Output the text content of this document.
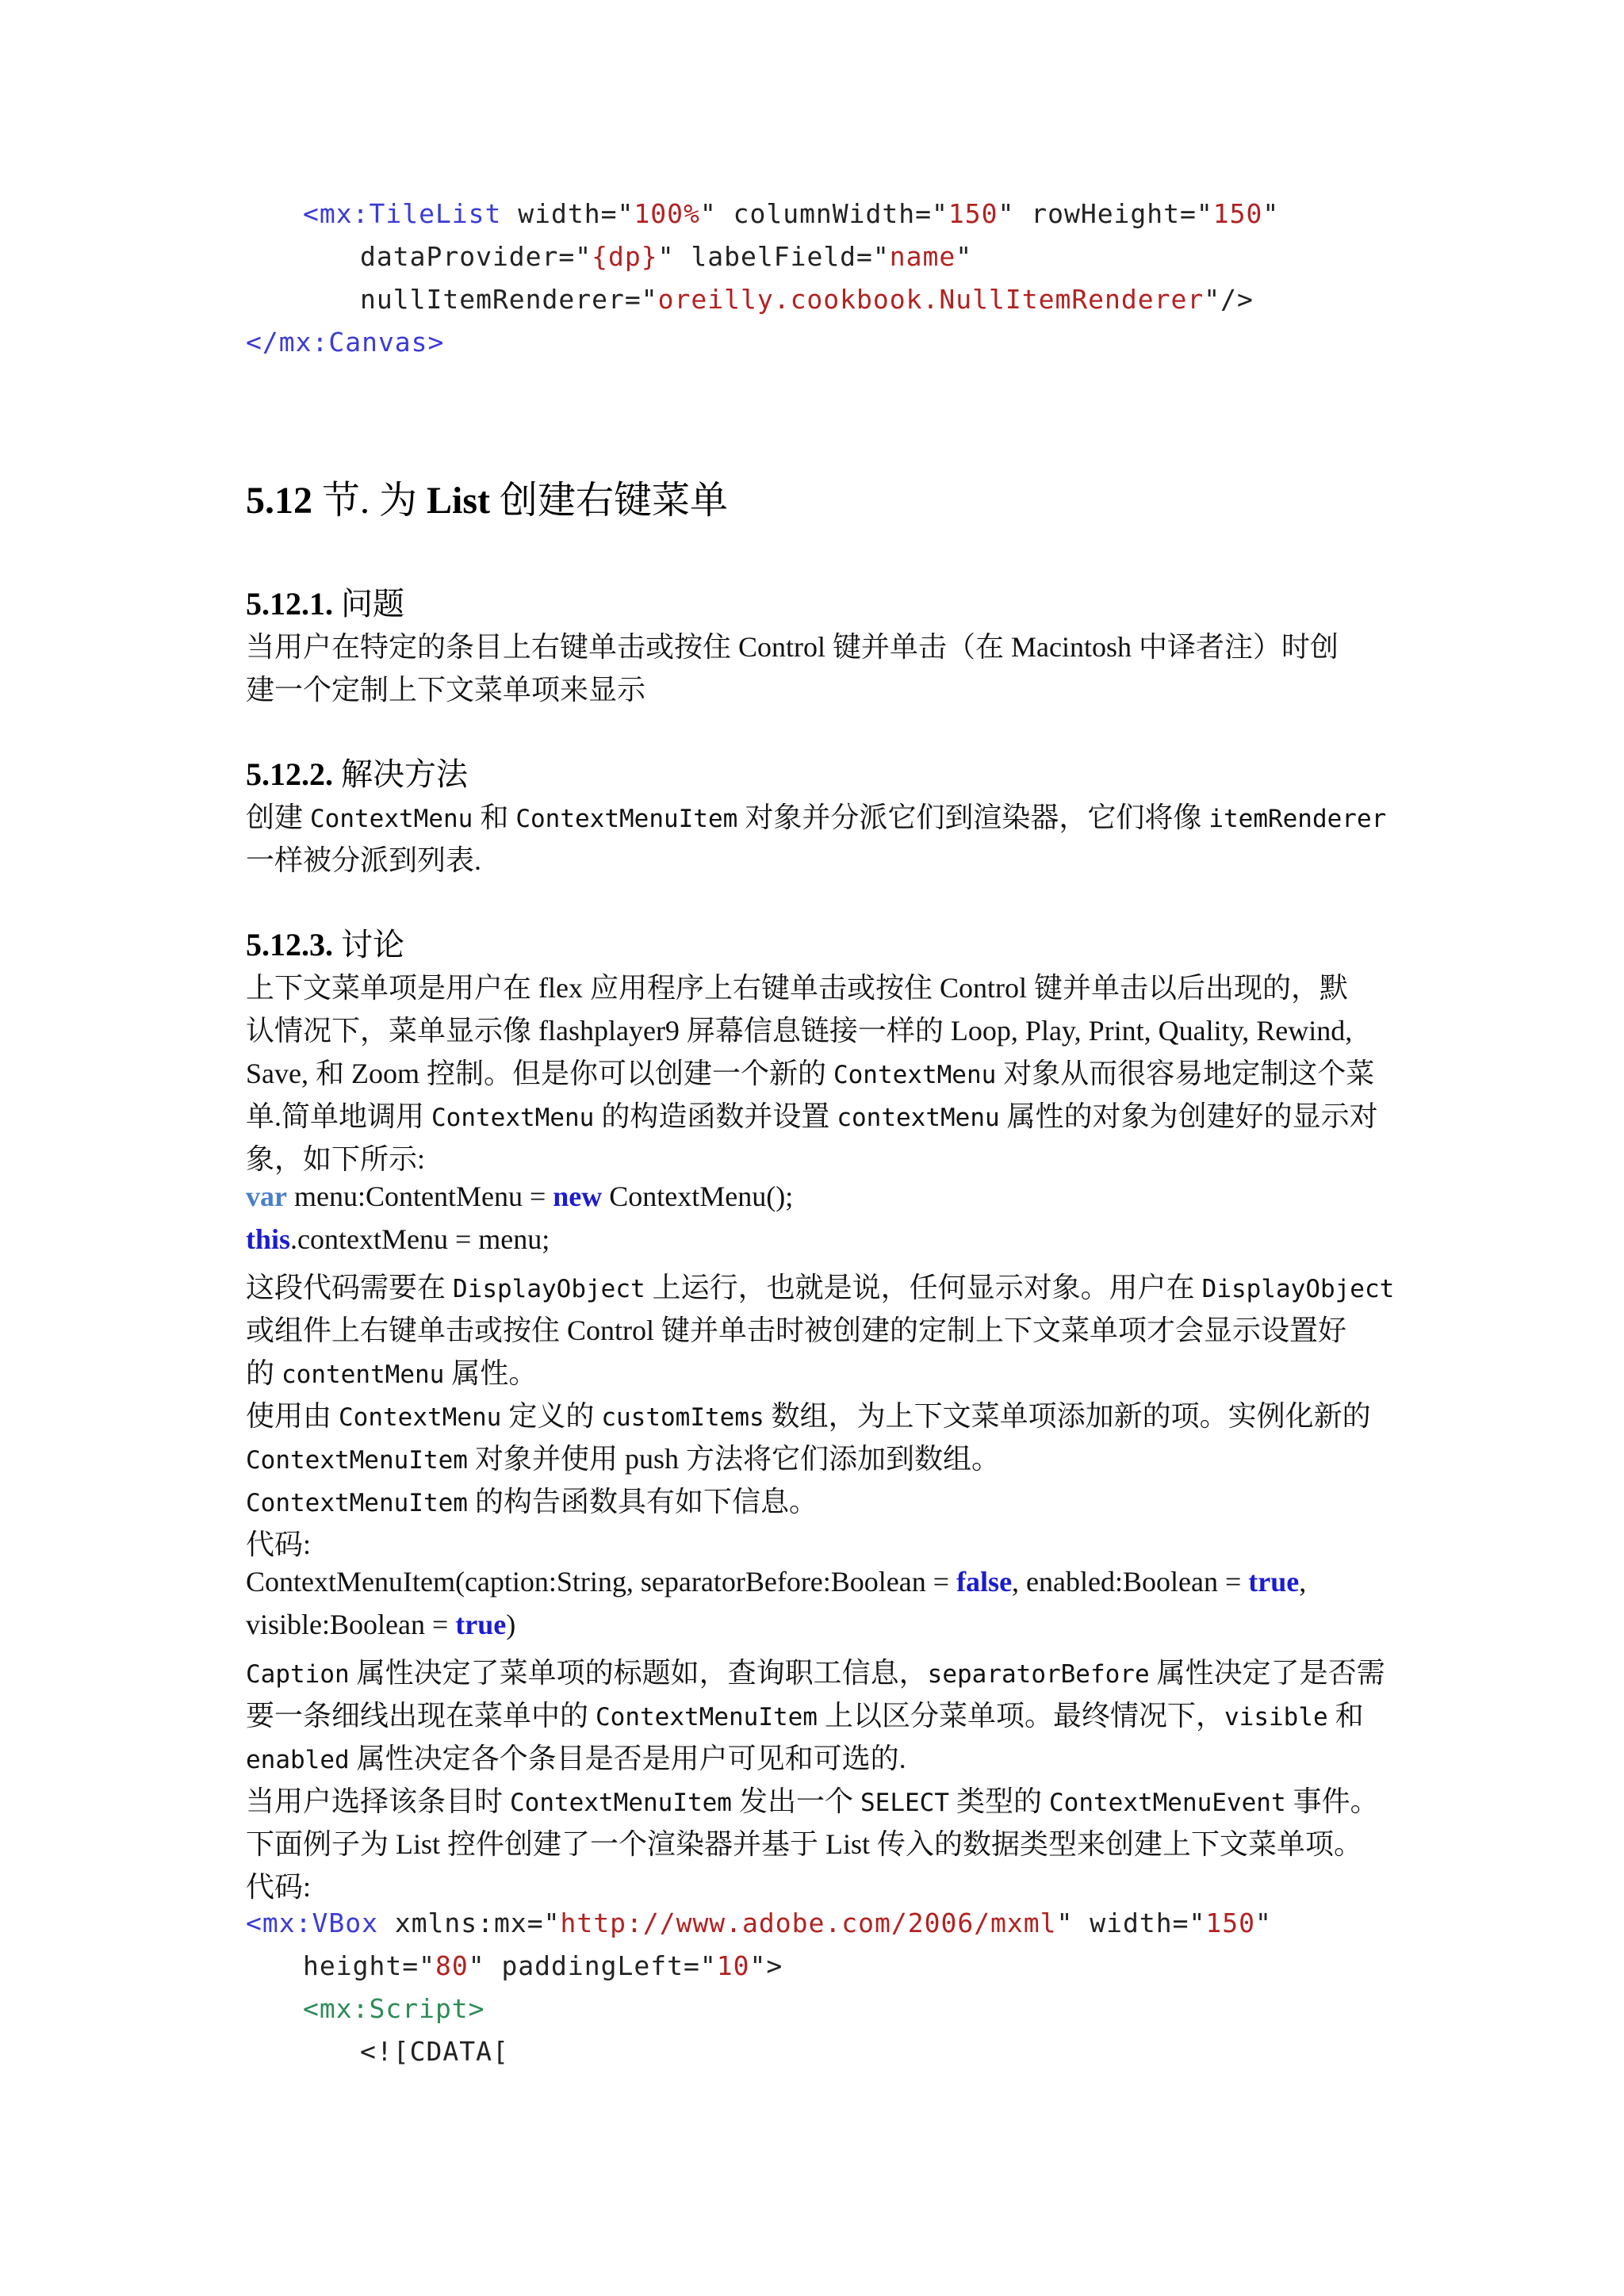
<mx:TileList width="100%" columnWidth="150" rowHeight="150"
dataProvider="{dp}" labelField="name"
nullItemRenderer="oreilly.cookbook.NullItemRenderer"/>
</mx:Canvas>
5.12 节. 为 List 创建右键菜单
5.12.1. 问题
当用户在特定的条目上右键单击或按住 Control 键并单击（在 Macintosh 中译者注）时创
建一个定制上下文菜单项来显示
5.12.2. 解决方法
创建 ContextMenu 和 ContextMenuItem 对象并分派它们到渲染器，它们将像 itemRenderer
一样被分派到列表.
5.12.3. 讨论
上下文菜单项是用户在 flex 应用程序上右键单击或按住 Control 键并单击以后出现的，默
认情况下，菜单显示像 flashplayer9 屏幕信息链接一样的 Loop, Play, Print, Quality, Rewind,
Save, 和 Zoom 控制。但是你可以创建一个新的 ContextMenu 对象从而很容易地定制这个菜
单.简单地调用 ContextMenu 的构造函数并设置 contextMenu 属性的对象为创建好的显示对
象，如下所示:
var menu:ContentMenu = new ContextMenu();
this.contextMenu = menu;
这段代码需要在 DisplayObject 上运行，也就是说，任何显示对象。用户在 DisplayObject
或组件上右键单击或按住 Control 键并单击时被创建的定制上下文菜单项才会显示设置好
的 contentMenu 属性。
使用由 ContextMenu 定义的 customItems 数组，为上下文菜单项添加新的项。实例化新的
ContextMenuItem 对象并使用 push 方法将它们添加到数组。
ContextMenuItem 的构告函数具有如下信息。
代码:
ContextMenuItem(caption:String, separatorBefore:Boolean = false, enabled:Boolean = true,
visible:Boolean = true)
Caption 属性决定了菜单项的标题如，查询职工信息，separatorBefore 属性决定了是否需
要一条细线出现在菜单中的 ContextMenuItem 上以区分菜单项。最终情况下，visible 和
enabled 属性决定各个条目是否是用户可见和可选的.
当用户选择该条目时 ContextMenuItem 发出一个 SELECT 类型的 ContextMenuEvent 事件。
下面例子为 List 控件创建了一个渲染器并基于 List 传入的数据类型来创建上下文菜单项。
代码:
<mx:VBox xmlns:mx="http://www.adobe.com/2006/mxml" width="150"
height="80" paddingLeft="10">
<mx:Script>
<![CDATA[
